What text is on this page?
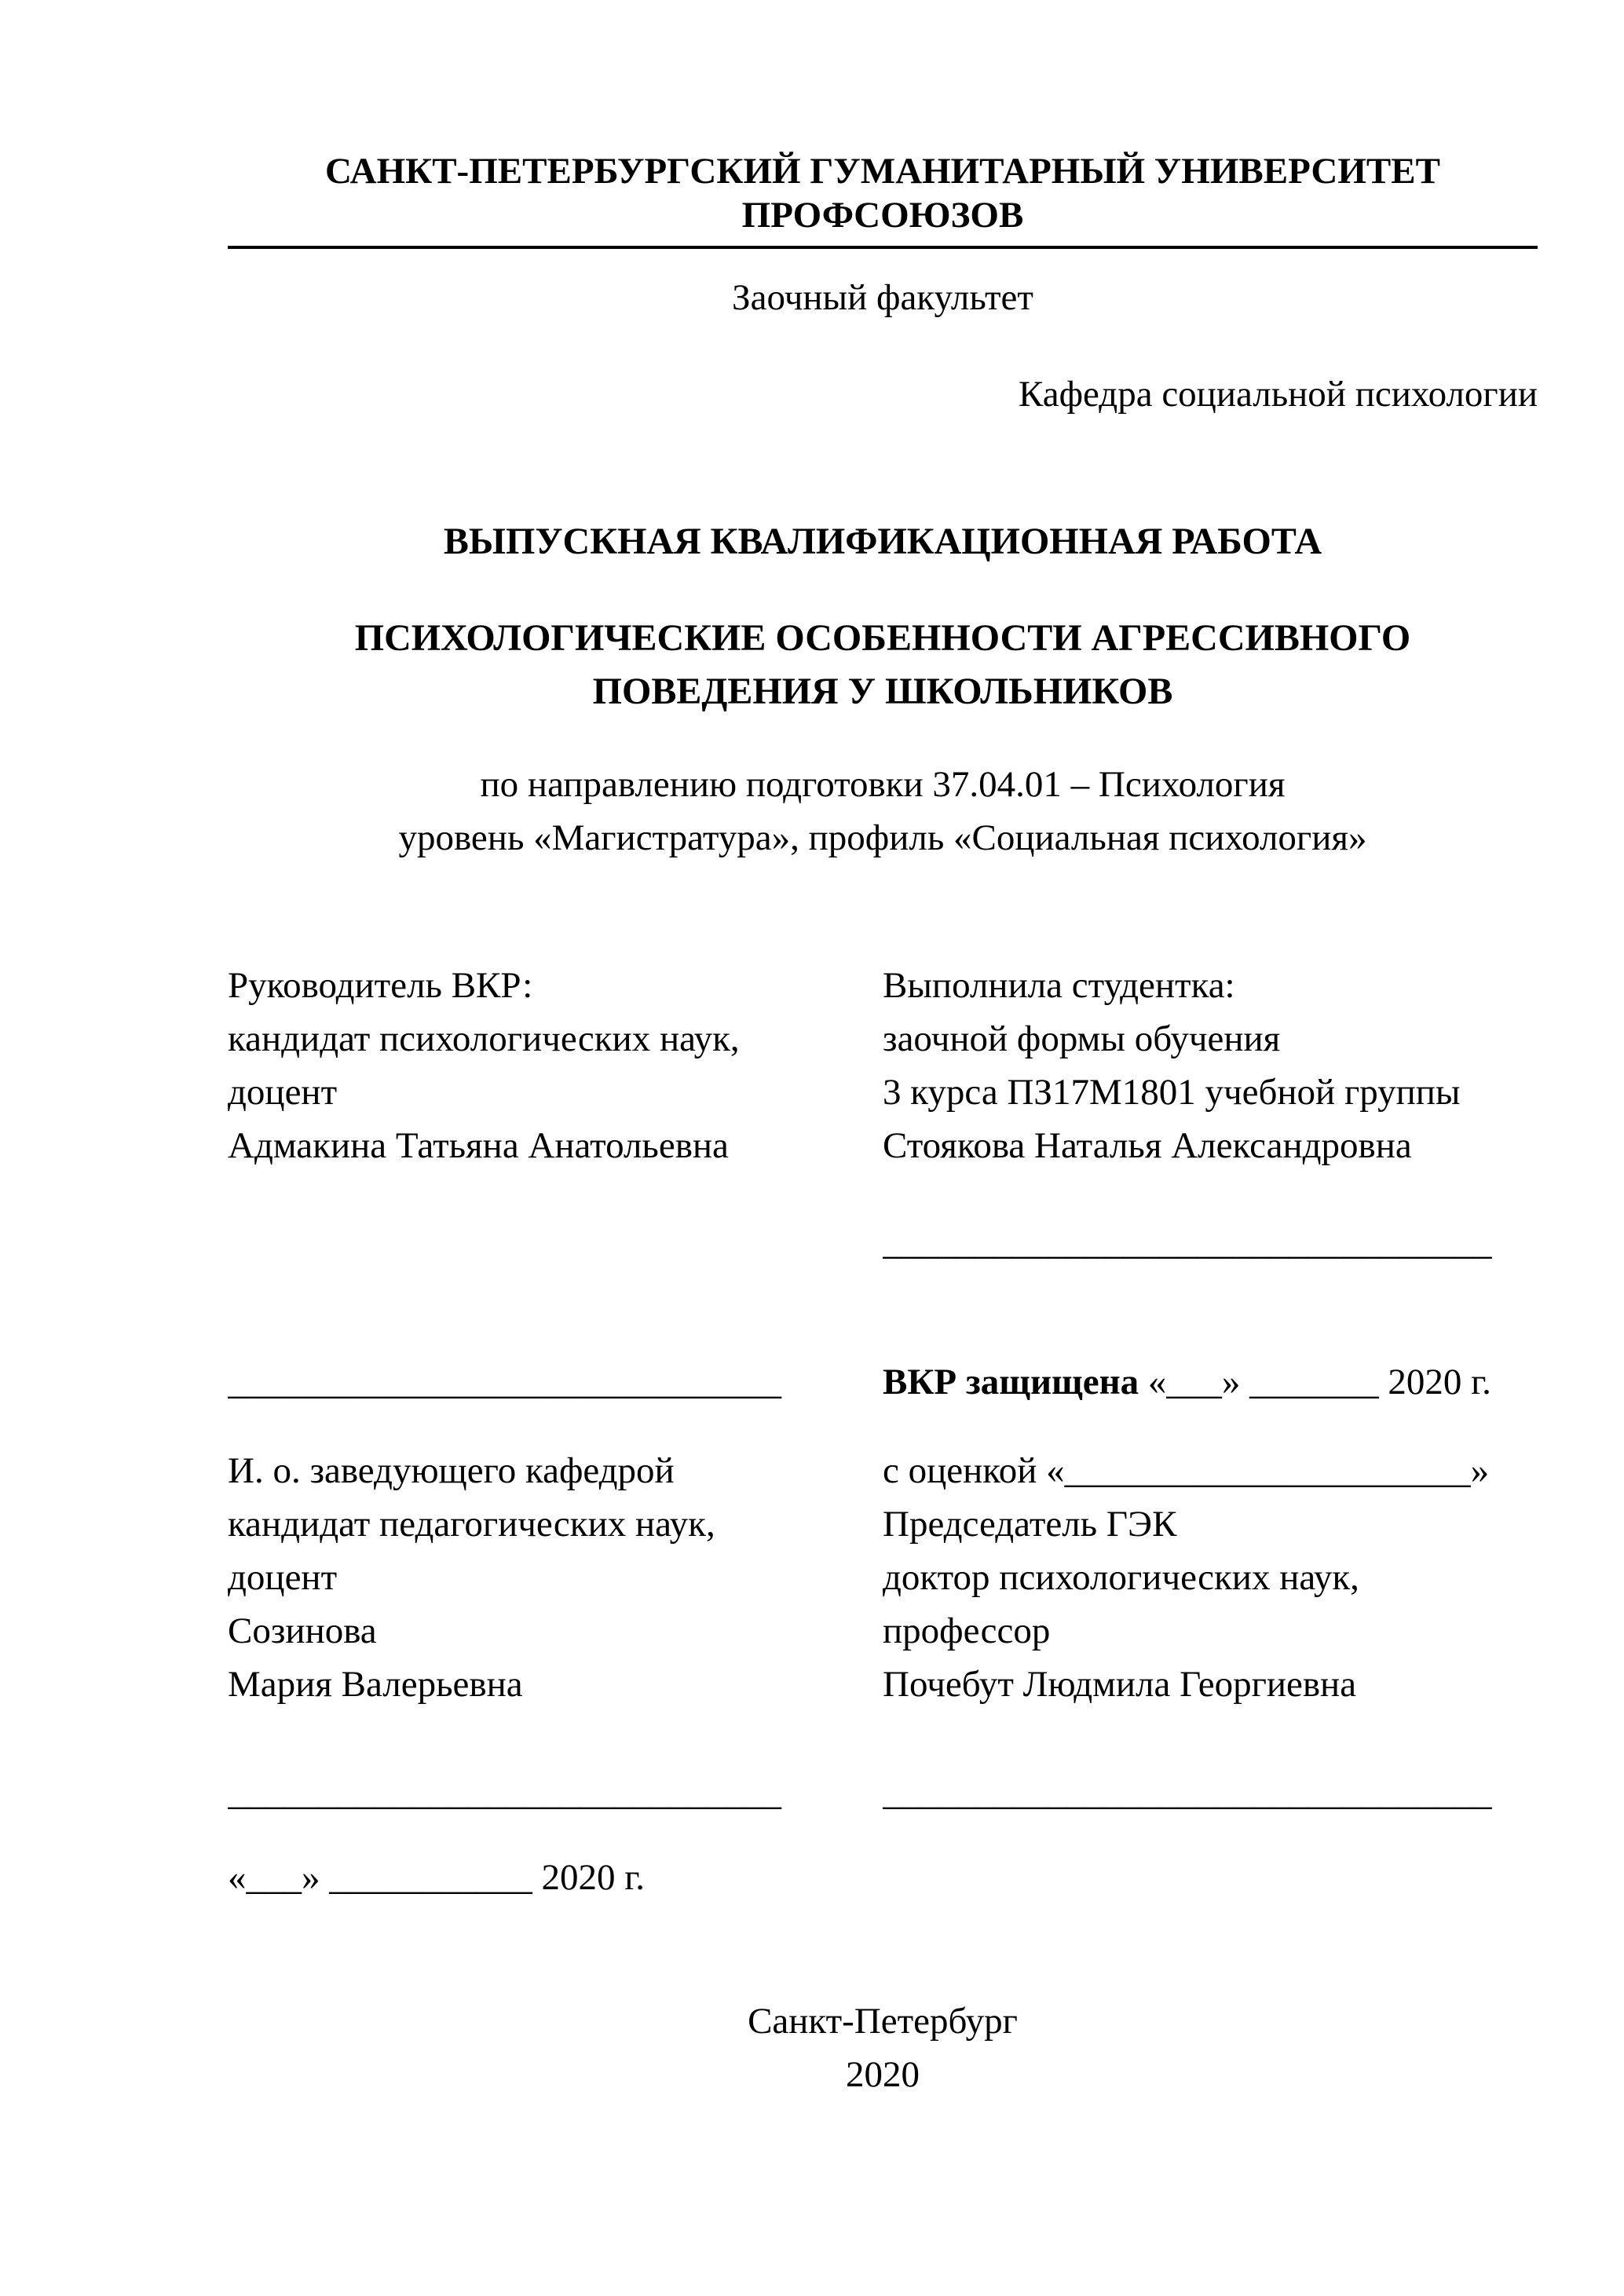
САНКТ-ПЕТЕРБУРГСКИЙ ГУМАНИТАРНЫЙ УНИВЕРСИТЕТ ПРОФСОЮЗОВ
Заочный факультет
Кафедра социальной психологии
ВЫПУСКНАЯ КВАЛИФИКАЦИОННАЯ РАБОТА
ПСИХОЛОГИЧЕСКИЕ ОСОБЕННОСТИ АГРЕССИВНОГО
ПОВЕДЕНИЯ У ШКОЛЬНИКОВ
по направлению подготовки 37.04.01 – Психология
уровень «Магистратура», профиль «Социальная психология»
Руководитель ВКР:
кандидат психологических наук,
доцент
Адмакина Татьяна Анатольевна
Выполнила студентка:
заочной формы обучения
3 курса ПЗ17М1801 учебной группы
Стоякова Наталья Александровна
_________________________________
______________________________	ВКР защищена «___» _______ 2020 г.
И. о. заведующего кафедрой
кандидат педагогических наук,
доцент
Созинова
Мария Валерьевна
с оценкой «______________________»
Председатель ГЭК
доктор психологических наук,
профессор
Почебут Людмила Георгиевна
______________________________	_________________________________
«___» ___________ 2020 г.
Санкт-Петербург
2020
